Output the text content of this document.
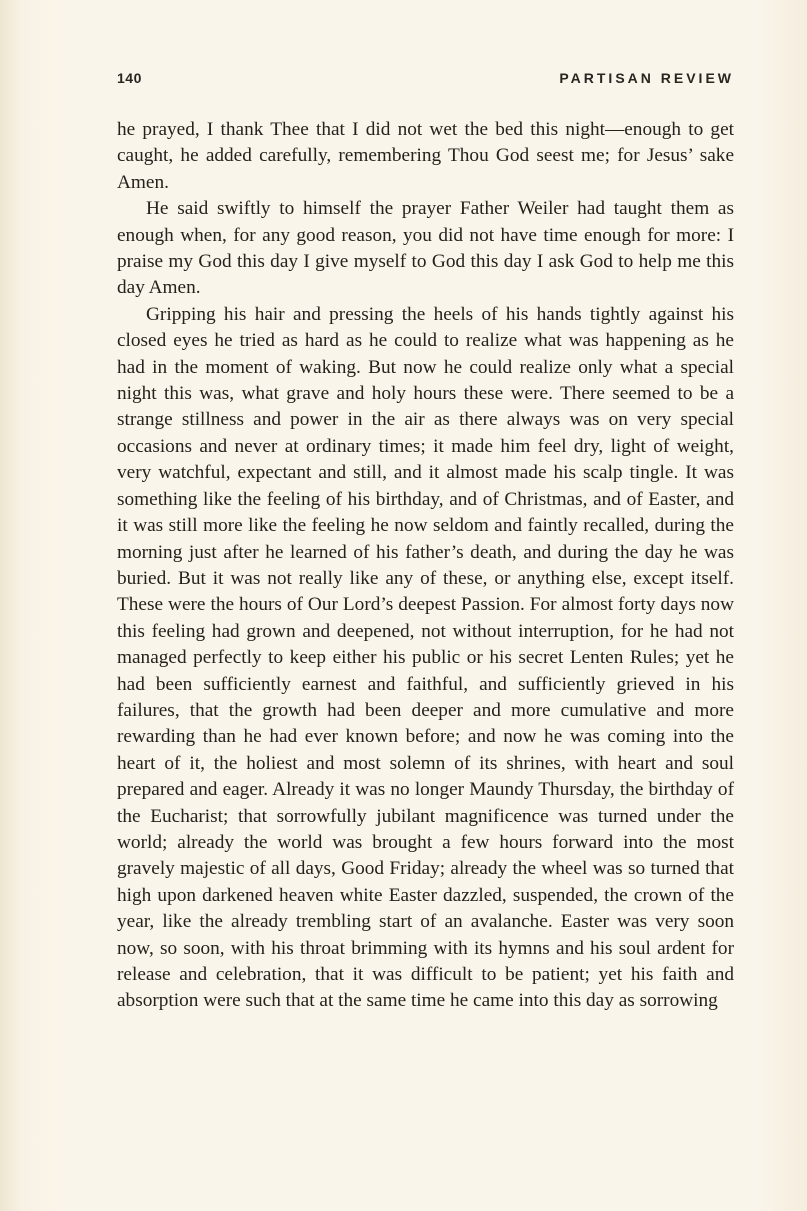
140	PARTISAN REVIEW

he prayed, I thank Thee that I did not wet the bed this night—enough to get caught, he added carefully, remembering Thou God seest me; for Jesus’ sake Amen.

He said swiftly to himself the prayer Father Weiler had taught them as enough when, for any good reason, you did not have time enough for more: I praise my God this day I give myself to God this day I ask God to help me this day Amen.

Gripping his hair and pressing the heels of his hands tightly against his closed eyes he tried as hard as he could to realize what was happening as he had in the moment of waking. But now he could realize only what a special night this was, what grave and holy hours these were. There seemed to be a strange stillness and power in the air as there always was on very special occasions and never at ordinary times; it made him feel dry, light of weight, very watchful, expectant and still, and it almost made his scalp tingle. It was something like the feeling of his birthday, and of Christmas, and of Easter, and it was still more like the feeling he now seldom and faintly recalled, during the morning just after he learned of his father’s death, and during the day he was buried. But it was not really like any of these, or anything else, except itself. These were the hours of Our Lord’s deepest Passion. For almost forty days now this feeling had grown and deepened, not without interruption, for he had not managed perfectly to keep either his public or his secret Lenten Rules; yet he had been sufficiently earnest and faithful, and sufficiently grieved in his failures, that the growth had been deeper and more cumulative and more rewarding than he had ever known before; and now he was coming into the heart of it, the holiest and most solemn of its shrines, with heart and soul prepared and eager. Already it was no longer Maundy Thursday, the birthday of the Eucharist; that sorrowfully jubilant magnificence was turned under the world; already the world was brought a few hours forward into the most gravely majestic of all days, Good Friday; already the wheel was so turned that high upon darkened heaven white Easter dazzled, suspended, the crown of the year, like the already trembling start of an avalanche. Easter was very soon now, so soon, with his throat brimming with its hymns and his soul ardent for release and celebration, that it was difficult to be patient; yet his faith and absorption were such that at the same time he came into this day as sorrowing
